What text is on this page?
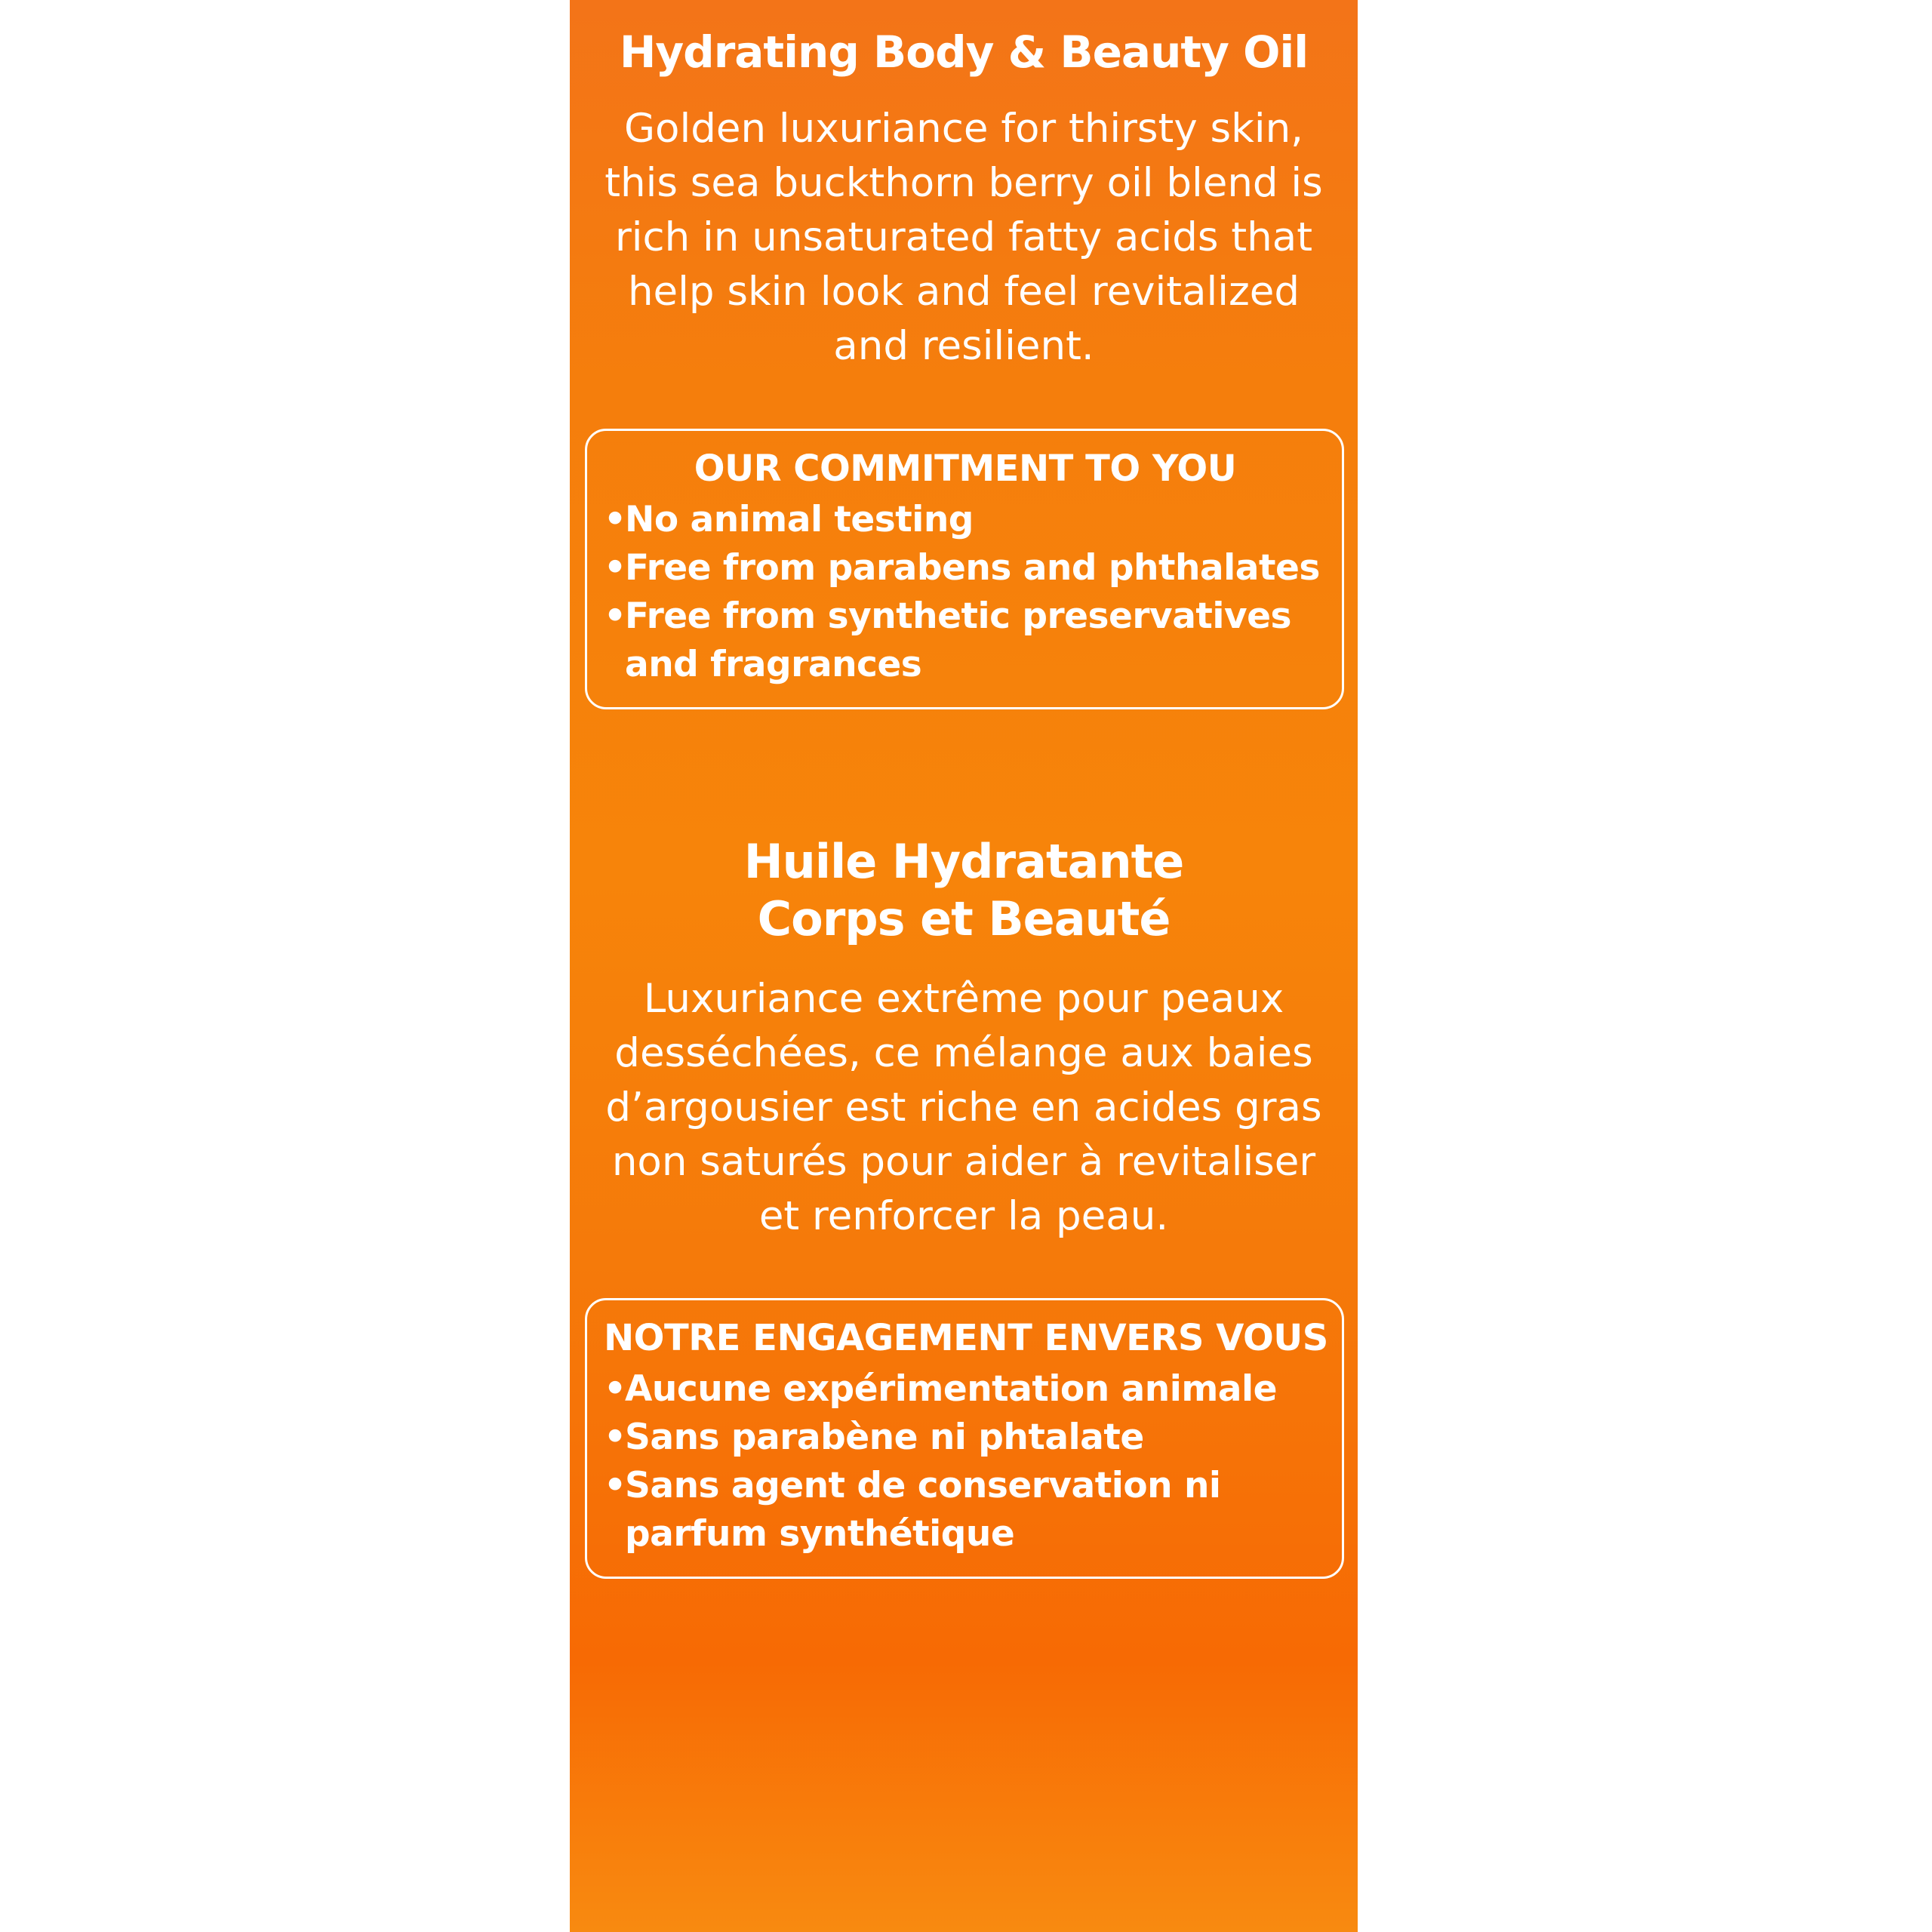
Hydrating Body & Beauty Oil

Golden luxuriance for thirsty skin, this sea buckthorn berry oil blend is rich in unsaturated fatty acids that help skin look and feel revitalized and resilient.

OUR COMMITMENT TO YOU
•
No animal testing
•
Free from parabens and phthalates
•
Free from synthetic preservatives and fragrances
Huile Hydratante
Corps et Beauté

Luxuriance extrême pour peaux desséchées, ce mélange aux baies d’argousier est riche en acides gras non saturés pour aider à revitaliser et renforcer la peau.

NOTRE ENGAGEMENT ENVERS VOUS
•
Aucune expérimentation animale
•
Sans parabène ni phtalate
•
Sans agent de conservation ni parfum synthétique
